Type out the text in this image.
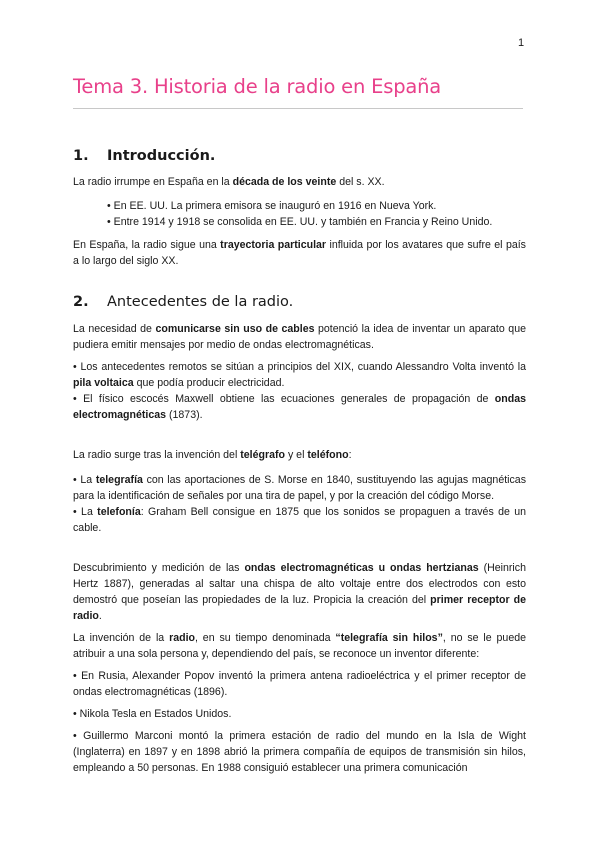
1
Tema 3. Historia de la radio en España
1.	Introducción.

La radio irrumpe en España en la década de los veinte del s. XX.

• En EE. UU. La primera emisora se inauguró en 1916 en Nueva York.

• Entre 1914 y 1918 se consolida en EE. UU. y también en Francia y Reino Unido.

En España, la radio sigue una trayectoria particular influida por los avatares que sufre el país a lo largo del siglo XX.

2.	Antecedentes de la radio.

La necesidad de comunicarse sin uso de cables potenció la idea de inventar un aparato que pudiera emitir mensajes por medio de ondas electromagnéticas.

• Los antecedentes remotos se sitúan a principios del XIX, cuando Alessandro Volta inventó la pila voltaica que podía producir electricidad.

• El físico escocés Maxwell obtiene las ecuaciones generales de propagación de ondas electromagnéticas (1873).

La radio surge tras la invención del telégrafo y el teléfono:

• La telegrafía con las aportaciones de S. Morse en 1840, sustituyendo las agujas magnéticas para la identificación de señales por una tira de papel, y por la creación del código Morse.

• La telefonía: Graham Bell consigue en 1875 que los sonidos se propaguen a través de un cable.

Descubrimiento y medición de las ondas electromagnéticas u ondas hertzianas (Heinrich Hertz 1887), generadas al saltar una chispa de alto voltaje entre dos electrodos con esto demostró que poseían las propiedades de la luz. Propicia la creación del primer receptor de radio.

La invención de la radio, en su tiempo denominada “telegrafía sin hilos”, no se le puede atribuir a una sola persona y, dependiendo del país, se reconoce un inventor diferente:

• En Rusia, Alexander Popov inventó la primera antena radioeléctrica y el primer receptor de ondas electromagnéticas (1896).

• Nikola Tesla en Estados Unidos.

• Guillermo Marconi montó la primera estación de radio del mundo en la Isla de Wight (Inglaterra) en 1897 y en 1898 abrió la primera compañía de equipos de transmisión sin hilos, empleando a 50 personas. En 1988 consiguió establecer una primera comunicación
